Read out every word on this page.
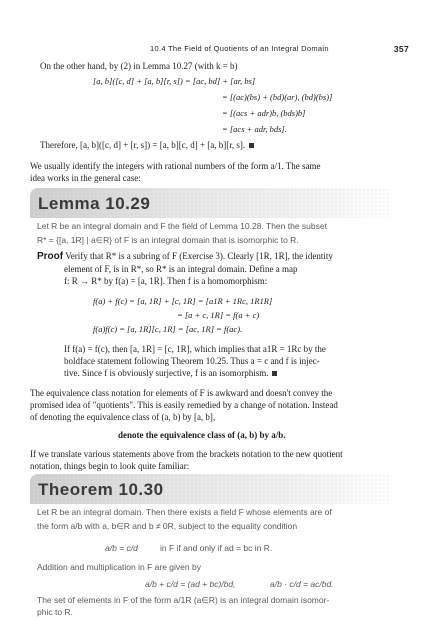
10.4 The Field of Quotients of an Integral Domain	357
On the other hand, by (2) in Lemma 10.27 (with k = b)
[a, b]([c, d] + [a, b][r, s]) = [ac, bd] + [ar, bs]
= [(ac)(bs) + (bd)(ar), (bd)(bs)]
= [(acs + adr)b, (bds)b]
= [acs + adr, bds].
Therefore, [a, b]([c, d] + [r, s]) = [a, b][c, d] + [a, b][r, s].
We usually identify the integers with rational numbers of the form a/1. The same
idea works in the general case:
Lemma 10.29
Let R be an integral domain and F the field of Lemma 10.28. Then the subset
R* = {[a, 1R] | a∈R} of F is an integral domain that is isomorphic to R.
Proof Verify that R* is a subring of F (Exercise 3). Clearly [1R, 1R], the identity
element of F, is in R*, so R* is an integral domain. Define a map
f: R → R* by f(a) = [a, 1R]. Then f is a homomorphism:
f(a) + f(c) = [a, 1R] + [c, 1R] = [a1R + 1Rc, 1R1R]
= [a + c, 1R] = f(a + c)
f(a)f(c) = [a, 1R][c, 1R] = [ac, 1R] = f(ac).
If f(a) = f(c), then [a, 1R] = [c, 1R], which implies that a1R = 1Rc by the
boldface statement following Theorem 10.25. Thus a = c and f is injec-
tive. Since f is obviously surjective, f is an isomorphism.
The equivalence class notation for elements of F is awkward and doesn't convey the
promised idea of "quotients". This is easily remedied by a change of notation. Instead
of denoting the equivalence class of (a, b) by [a, b],
denote the equivalence class of (a, b) by a/b.
If we translate various statements above from the brackets notation to the new quotient
notation, things begin to look quite familiar:
Theorem 10.30
Let R be an integral domain. Then there exists a field F whose elements are of
the form a/b with a, b∈R and b ≠ 0R, subject to the equality condition
a/b = c/d	in F if and only if ad = bc in R.
Addition and multiplication in F are given by
a/b + c/d = (ad + bc)/bd,	a/b · c/d = ac/bd.
The set of elements in F of the form a/1R (a∈R) is an integral domain isomor-
phic to R.
